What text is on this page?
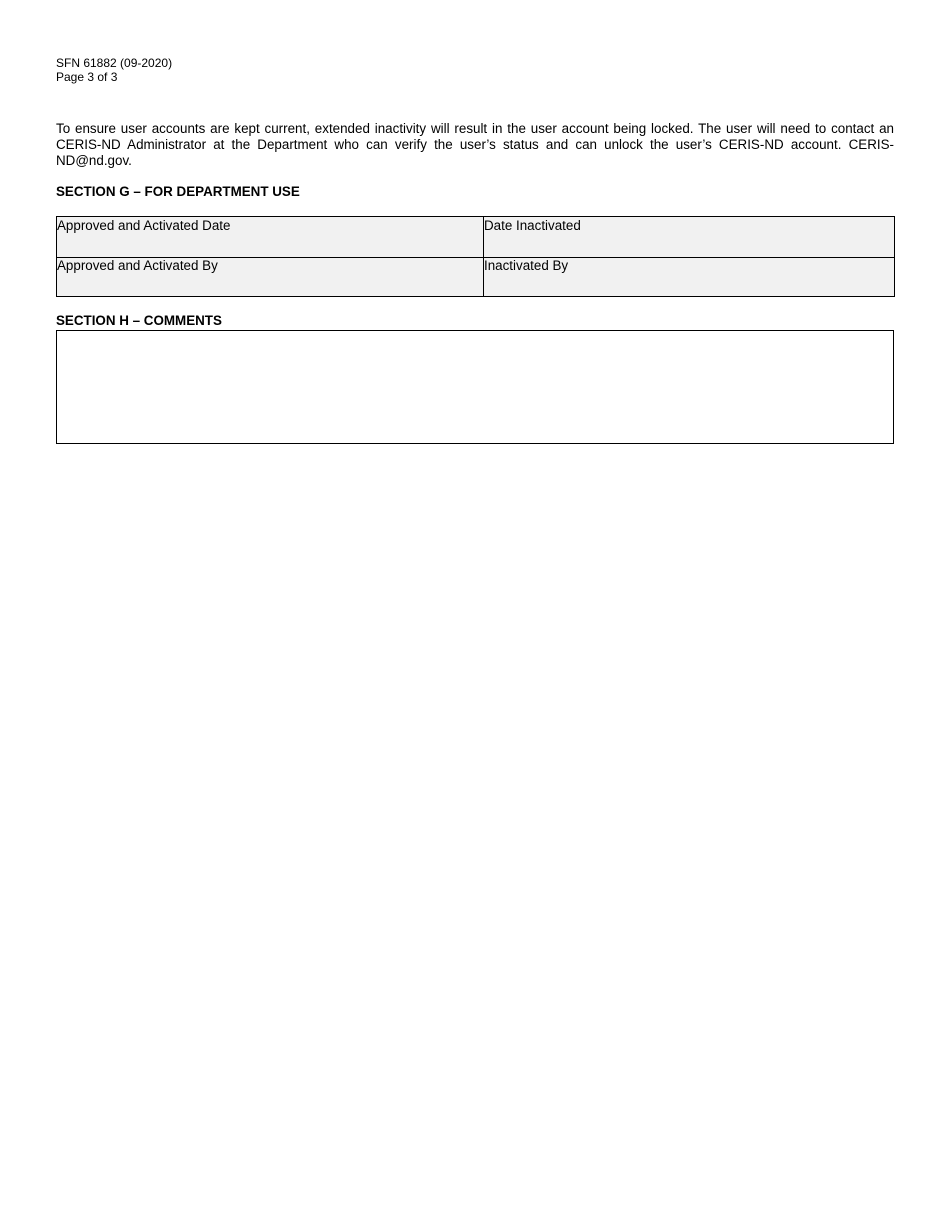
SFN 61882 (09-2020)
Page 3 of 3

To ensure user accounts are kept current, extended inactivity will result in the user account being locked. The user will need to contact an CERIS-ND Administrator at the Department who can verify the user’s status and can unlock the user’s CERIS-ND account. CERIS-ND@nd.gov.

SECTION G – FOR DEPARTMENT USE
Approved and Activated Date	Date Inactivated
Approved and Activated By	Inactivated By
SECTION H – COMMENTS
